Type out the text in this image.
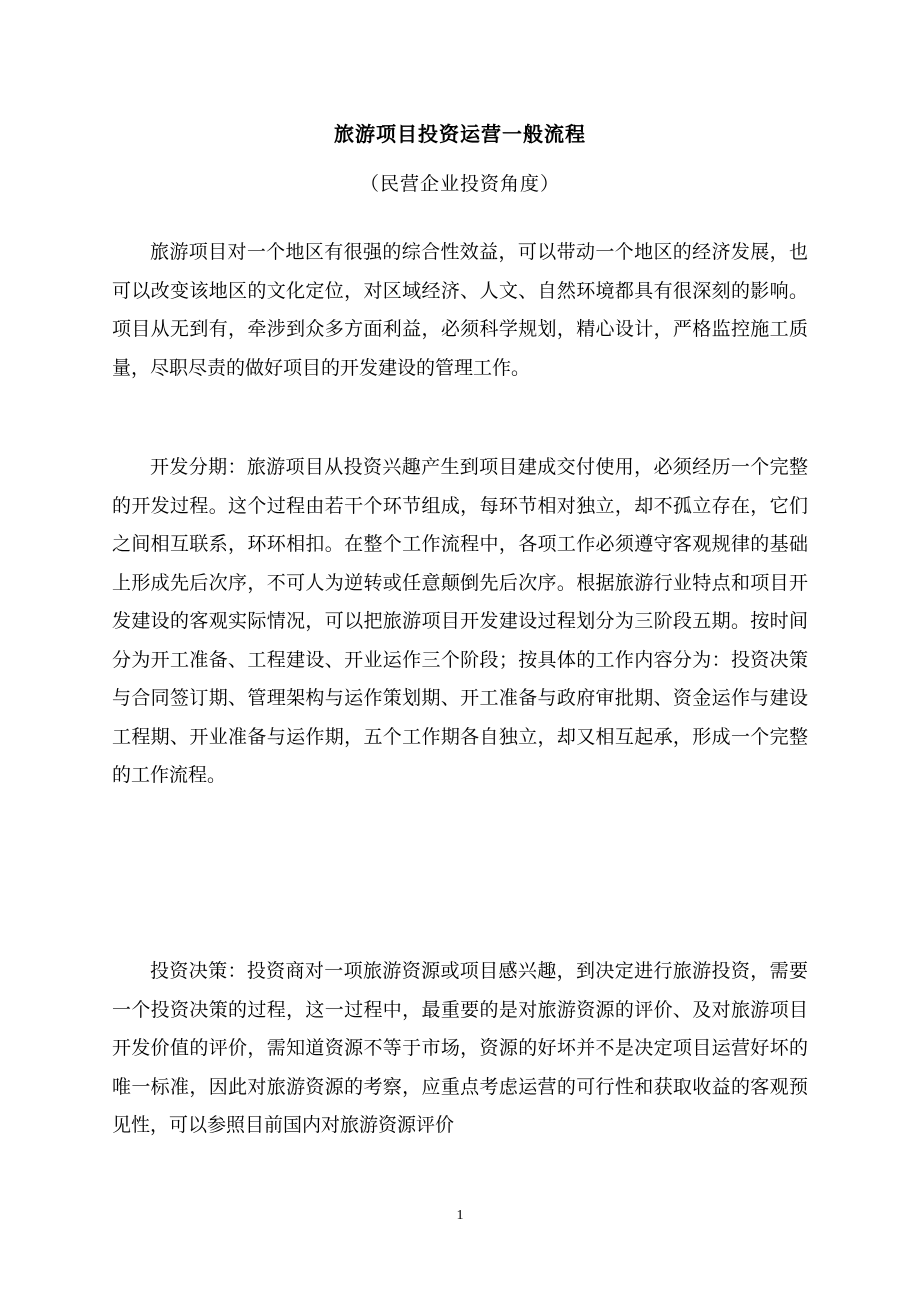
旅游项目投资运营一般流程
（民营企业投资角度）

旅游项目对一个地区有很强的综合性效益，可以带动一个地区的经济发展，也可以改变该地区的文化定位，对区域经济、人文、自然环境都具有很深刻的影响。项目从无到有，牵涉到众多方面利益，必须科学规划，精心设计，严格监控施工质量，尽职尽责的做好项目的开发建设的管理工作。

开发分期：旅游项目从投资兴趣产生到项目建成交付使用，必须经历一个完整的开发过程。这个过程由若干个环节组成，每环节相对独立，却不孤立存在，它们之间相互联系，环环相扣。在整个工作流程中，各项工作必须遵守客观规律的基础上形成先后次序，不可人为逆转或任意颠倒先后次序。根据旅游行业特点和项目开发建设的客观实际情况，可以把旅游项目开发建设过程划分为三阶段五期。按时间分为开工准备、工程建设、开业运作三个阶段；按具体的工作内容分为：投资决策与合同签订期、管理架构与运作策划期、开工准备与政府审批期、资金运作与建设工程期、开业准备与运作期，五个工作期各自独立，却又相互起承，形成一个完整的工作流程。

投资决策：投资商对一项旅游资源或项目感兴趣，到决定进行旅游投资，需要一个投资决策的过程，这一过程中，最重要的是对旅游资源的评价、及对旅游项目开发价值的评价，需知道资源不等于市场，资源的好坏并不是决定项目运营好坏的唯一标准，因此对旅游资源的考察，应重点考虑运营的可行性和获取收益的客观预见性，可以参照目前国内对旅游资源评价

1
